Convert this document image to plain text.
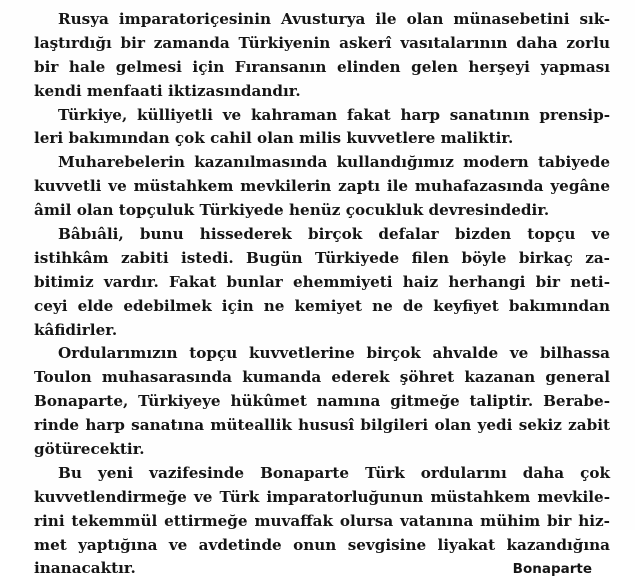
Rusya imparatoriçesinin Avusturya ile olan münasebetini sık-
laştırdığı bir zamanda Türkiyenin askerî vasıtalarının daha zorlu
bir hale gelmesi için Fıransanın elinden gelen herşeyi yapması
kendi menfaati iktizasındandır.
Türkiye, külliyetli ve kahraman fakat harp sanatının prensip-
leri bakımından çok cahil olan milis kuvvetlere maliktir.
Muharebelerin kazanılmasında kullandığımız modern tabiyede
kuvvetli ve müstahkem mevkilerin zaptı ile muhafazasında yegâne
âmil olan topçuluk Türkiyede henüz çocukluk devresindedir.
Bâbıâli, bunu hissederek birçok defalar bizden topçu ve
istihkâm zabiti istedi. Bugün Türkiyede filen böyle birkaç za-
bitimiz vardır. Fakat bunlar ehemmiyeti haiz herhangi bir neti-
ceyi elde edebilmek için ne kemiyet ne de keyfiyet bakımından
kâfidirler.
Ordularımızın topçu kuvvetlerine birçok ahvalde ve bilhassa
Toulon muhasarasında kumanda ederek şöhret kazanan general
Bonaparte, Türkiyeye hükûmet namına gitmeğe taliptir. Berabe-
rinde harp sanatına müteallik hususî bilgileri olan yedi sekiz zabit
götürecektir.
Bu yeni vazifesinde Bonaparte Türk ordularını daha çok
kuvvetlendirmeğe ve Türk imparatorluğunun müstahkem mevkile-
rini tekemmül ettirmeğe muvaffak olursa vatanına mühim bir hiz-
met yaptığına ve avdetinde onun sevgisine liyakat kazandığına
inanacaktır.	Bonaparte
